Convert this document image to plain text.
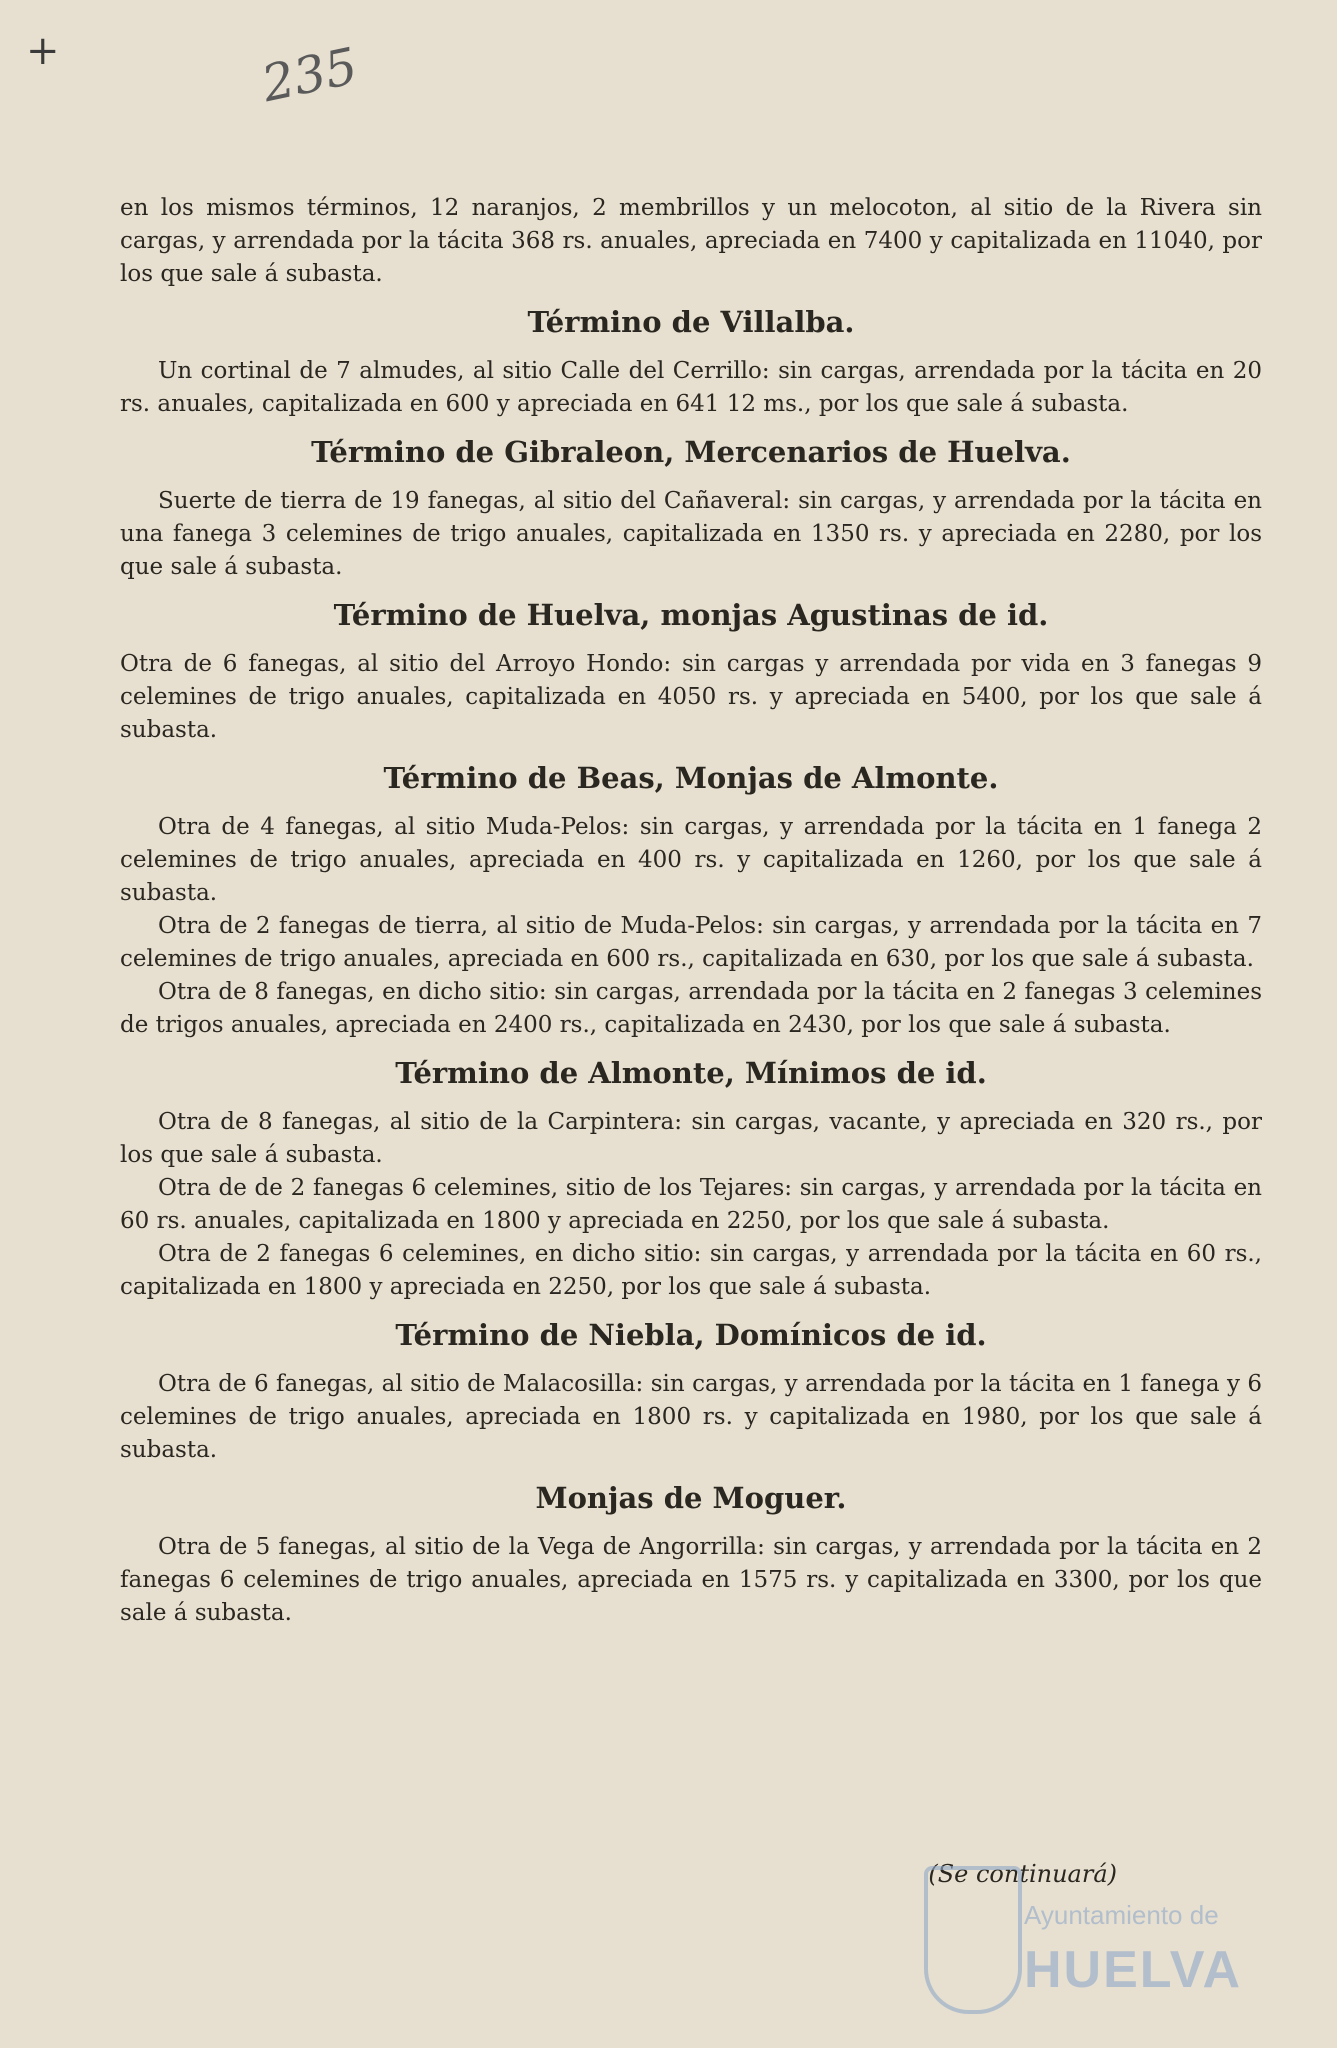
+	235

en los mismos términos, 12 naranjos, 2 membrillos y un melocoton, al sitio de la Rivera sin cargas, y arrendada por la tácita 368 rs. anuales, apreciada en 7400 y capitalizada en 11040, por los que sale á subasta.

Término de Villalba.

Un cortinal de 7 almudes, al sitio Calle del Cerrillo: sin cargas, arrendada por la tácita en 20 rs. anuales, capitalizada en 600 y apreciada en 641 12 ms., por los que sale á subasta.

Término de Gibraleon, Mercenarios de Huelva.

Suerte de tierra de 19 fanegas, al sitio del Cañaveral: sin cargas, y arrendada por la tácita en una fanega 3 celemines de trigo anuales, capitalizada en 1350 rs. y apreciada en 2280, por los que sale á subasta.

Término de Huelva, monjas Agustinas de id.

Otra de 6 fanegas, al sitio del Arroyo Hondo: sin cargas y arrendada por vida en 3 fanegas 9 celemines de trigo anuales, capitalizada en 4050 rs. y apreciada en 5400, por los que sale á subasta.

Término de Beas, Monjas de Almonte.

Otra de 4 fanegas, al sitio Muda-Pelos: sin cargas, y arrendada por la tácita en 1 fanega 2 celemines de trigo anuales, apreciada en 400 rs. y capitalizada en 1260, por los que sale á subasta.

Otra de 2 fanegas de tierra, al sitio de Muda-Pelos: sin cargas, y arrendada por la tácita en 7 celemines de trigo anuales, apreciada en 600 rs., capitalizada en 630, por los que sale á subasta.

Otra de 8 fanegas, en dicho sitio: sin cargas, arrendada por la tácita en 2 fanegas 3 celemines de trigos anuales, apreciada en 2400 rs., capitalizada en 2430, por los que sale á subasta.

Término de Almonte, Mínimos de id.

Otra de 8 fanegas, al sitio de la Carpintera: sin cargas, vacante, y apreciada en 320 rs., por los que sale á subasta.

Otra de de 2 fanegas 6 celemines, sitio de los Tejares: sin cargas, y arrendada por la tácita en 60 rs. anuales, capitalizada en 1800 y apreciada en 2250, por los que sale á subasta.

Otra de 2 fanegas 6 celemines, en dicho sitio: sin cargas, y arrendada por la tácita en 60 rs., capitalizada en 1800 y apreciada en 2250, por los que sale á subasta.

Término de Niebla, Domínicos de id.

Otra de 6 fanegas, al sitio de Malacosilla: sin cargas, y arrendada por la tácita en 1 fanega y 6 celemines de trigo anuales, apreciada en 1800 rs. y capitalizada en 1980, por los que sale á subasta.

Monjas de Moguer.

Otra de 5 fanegas, al sitio de la Vega de Angorrilla: sin cargas, y arrendada por la tácita en 2 fanegas 6 celemines de trigo anuales, apreciada en 1575 rs. y capitalizada en 3300, por los que sale á subasta.

(Se continuará)
Ayuntamiento de
HUELVA
